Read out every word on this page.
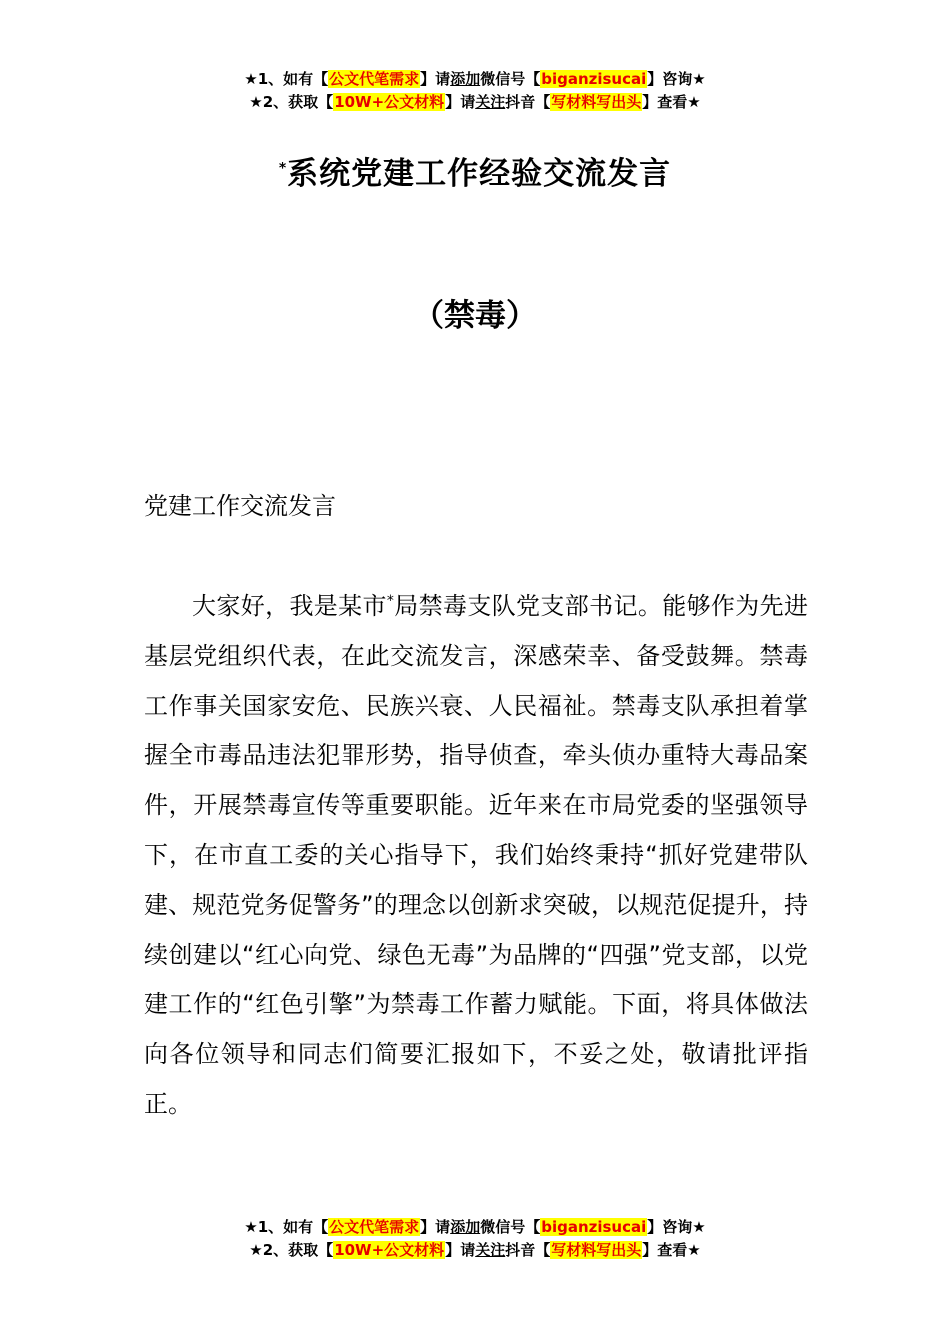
★1、如有【公文代笔需求】请添加微信号【biganzisucai】咨询★
★2、获取【10W+公文材料】请关注抖音【写材料写出头】查看★
*系统党建工作经验交流发言
（禁毒）
党建工作交流发言
大家好，我是某市*局禁毒支队党支部书记。能够作为先进基层党组织代表，在此交流发言，深感荣幸、备受鼓舞。禁毒工作事关国家安危、民族兴衰、人民福祉。禁毒支队承担着掌握全市毒品违法犯罪形势，指导侦查，牵头侦办重特大毒品案件，开展禁毒宣传等重要职能。近年来在市局党委的坚强领导下，在市直工委的关心指导下，我们始终秉持“抓好党建带队建、规范党务促警务”的理念以创新求突破，以规范促提升，持续创建以“红心向党、绿色无毒”为品牌的“四强”党支部，以党建工作的“红色引擎”为禁毒工作蓄力赋能。下面，将具体做法向各位领导和同志们简要汇报如下，不妥之处，敬请批评指正。
★1、如有【公文代笔需求】请添加微信号【biganzisucai】咨询★
★2、获取【10W+公文材料】请关注抖音【写材料写出头】查看★
